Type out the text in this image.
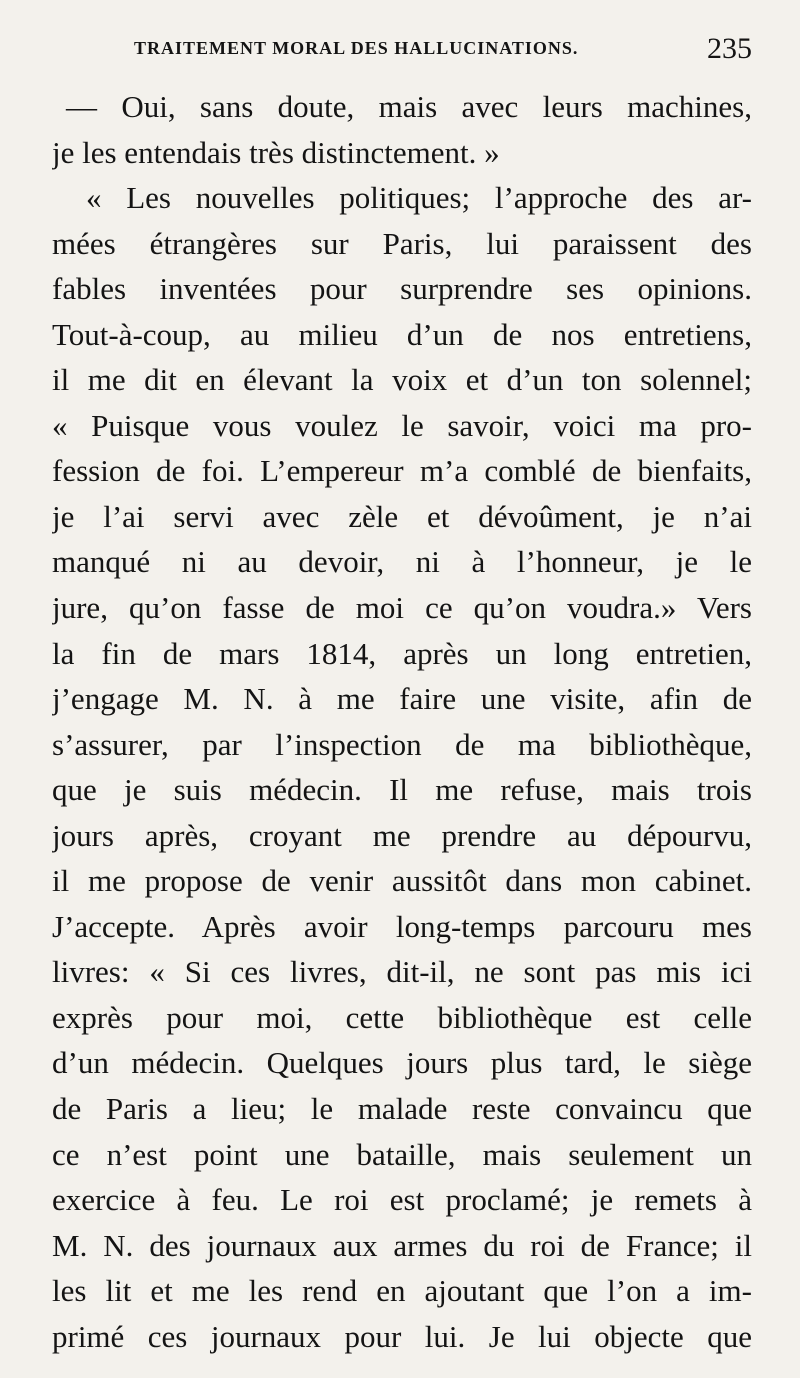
TRAITEMENT MORAL DES HALLUCINATIONS.	235
— Oui, sans doute, mais avec leurs machines,
je les entendais très distinctement. »
« Les nouvelles politiques; l’approche des ar-
mées étrangères sur Paris, lui paraissent des
fables inventées pour surprendre ses opinions.
Tout-à-coup, au milieu d’un de nos entretiens,
il me dit en élevant la voix et d’un ton solennel;
« Puisque vous voulez le savoir, voici ma pro-
fession de foi. L’empereur m’a comblé de bienfaits,
je l’ai servi avec zèle et dévoûment, je n’ai
manqué ni au devoir, ni à l’honneur, je le
jure, qu’on fasse de moi ce qu’on voudra.» Vers
la fin de mars 1814, après un long entretien,
j’engage M. N. à me faire une visite, afin de
s’assurer, par l’inspection de ma bibliothèque,
que je suis médecin. Il me refuse, mais trois
jours après, croyant me prendre au dépourvu,
il me propose de venir aussitôt dans mon cabinet.
J’accepte. Après avoir long-temps parcouru mes
livres: « Si ces livres, dit-il, ne sont pas mis ici
exprès pour moi, cette bibliothèque est celle
d’un médecin. Quelques jours plus tard, le siège
de Paris a lieu; le malade reste convaincu que
ce n’est point une bataille, mais seulement un
exercice à feu. Le roi est proclamé; je remets à
M. N. des journaux aux armes du roi de France; il
les lit et me les rend en ajoutant que l’on a im-
primé ces journaux pour lui. Je lui objecte que
